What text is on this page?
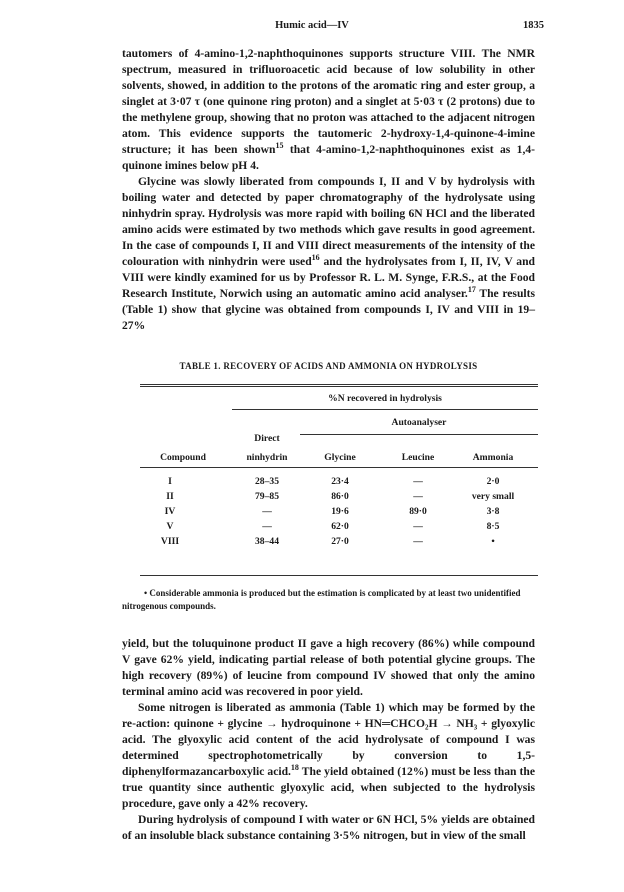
Humic acid—IV	1835

tautomers of 4-amino-1,2-naphthoquinones supports structure VIII. The NMR spectrum, measured in trifluoroacetic acid because of low solubility in other solvents, showed, in addition to the protons of the aromatic ring and ester group, a singlet at 3·07 τ (one quinone ring proton) and a singlet at 5·03 τ (2 protons) due to the methylene group, showing that no proton was attached to the adjacent nitrogen atom. This evidence supports the tautomeric 2-hydroxy-1,4-quinone-4-imine structure; it has been shown$^{15}$ that 4-amino-1,2-naphthoquinones exist as 1,4-quinone imines below pH 4.

Glycine was slowly liberated from compounds I, II and V by hydrolysis with boiling water and detected by paper chromatography of the hydrolysate using ninhydrin spray. Hydrolysis was more rapid with boiling 6N HCl and the liberated amino acids were estimated by two methods which gave results in good agreement. In the case of compounds I, II and VIII direct measurements of the intensity of the colouration with ninhydrin were used$^{16}$ and the hydrolysates from I, II, IV, V and VIII were kindly examined for us by Professor R. L. M. Synge, F.R.S., at the Food Research Institute, Norwich using an automatic amino acid analyser.$^{17}$ The results (Table 1) show that glycine was obtained from compounds I, IV and VIII in 19–27%

TABLE 1. RECOVERY OF ACIDS AND AMMONIA ON HYDROLYSIS
%N recovered in hydrolysis
Autoanalyser
Direct
Compound	ninhydrin	Glycine	Leucine	Ammonia
I	28–35	23·4	—	2·0
II	79–85	86·0	—	very small
IV	—	19·6	89·0	3·8
V	—	62·0	—	8·5
VIII	38–44	27·0	—	•
• Considerable ammonia is produced but the estimation is complicated by at least two unidentified nitrogenous compounds.

yield, but the toluquinone product II gave a high recovery (86%) while compound V gave 62% yield, indicating partial release of both potential glycine groups. The high recovery (89%) of leucine from compound IV showed that only the amino terminal amino acid was recovered in poor yield.

Some nitrogen is liberated as ammonia (Table 1) which may be formed by the re-action: quinone + glycine → hydroquinone + HN═CHCO₂H → NH₃ + glyoxylic acid. The glyoxylic acid content of the acid hydrolysate of compound I was determined spectrophotometrically by conversion to 1,5-diphenylformazancarboxylic acid.$^{18}$ The yield obtained (12%) must be less than the true quantity since authentic glyoxylic acid, when subjected to the hydrolysis procedure, gave only a 42% recovery.

During hydrolysis of compound I with water or 6N HCl, 5% yields are obtained of an insoluble black substance containing 3·5% nitrogen, but in view of the small
